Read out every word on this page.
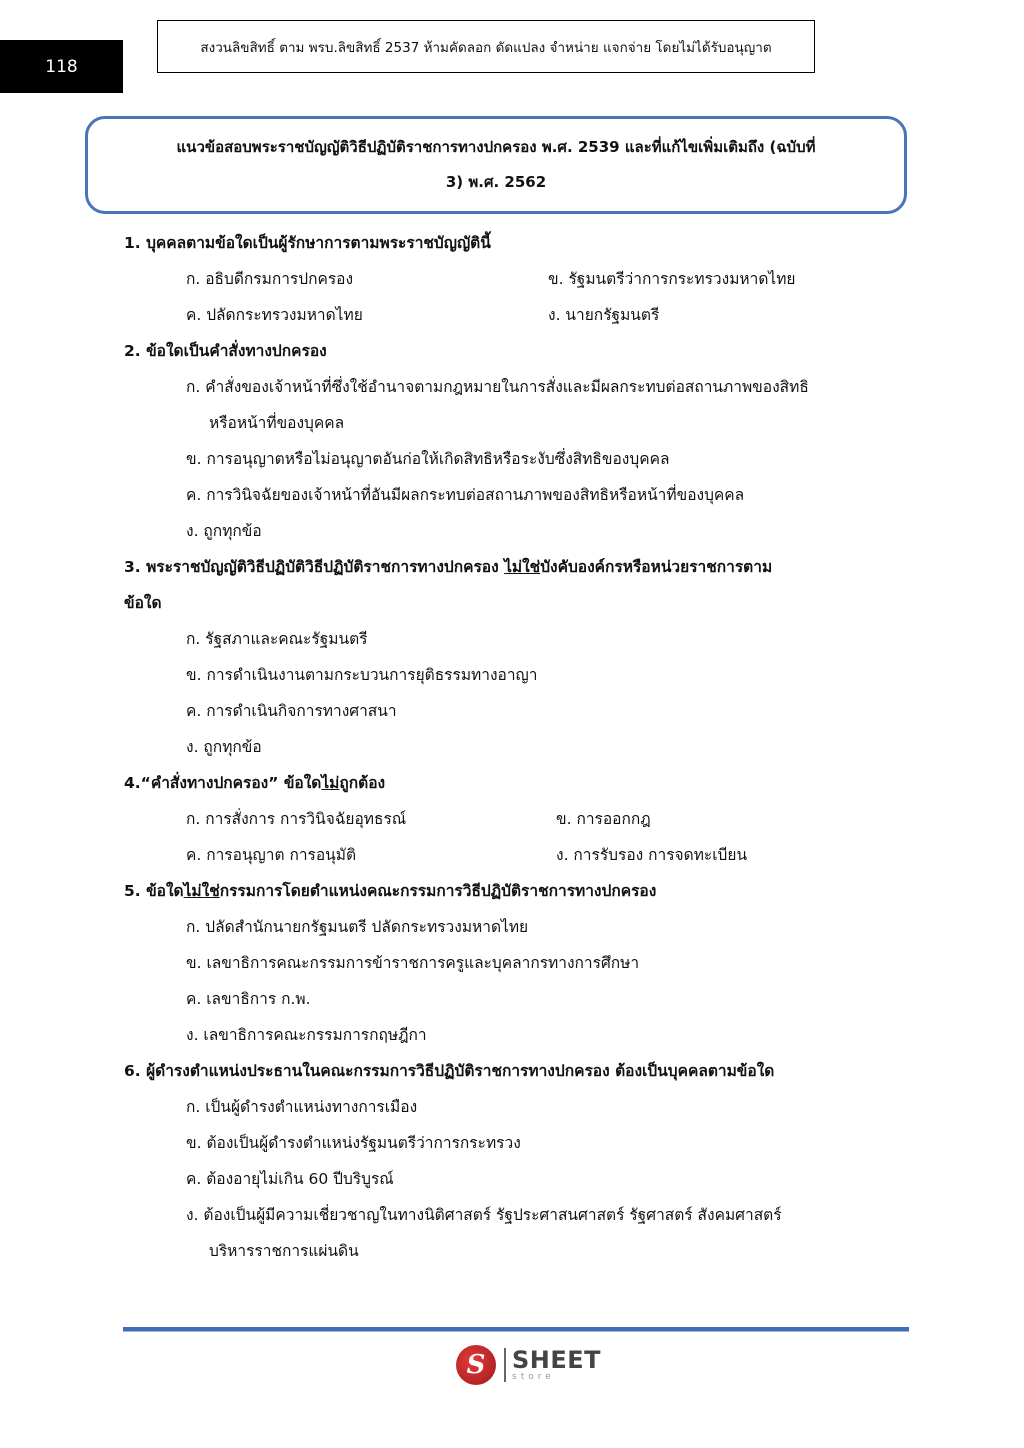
118
สงวนลิขสิทธิ์ ตาม พรบ.ลิขสิทธิ์ 2537 ห้ามคัดลอก ดัดแปลง จำหน่าย แจกจ่าย โดยไม่ได้รับอนุญาต
แนวข้อสอบพระราชบัญญัติวิธีปฏิบัติราชการทางปกครอง พ.ศ. 2539 และที่แก้ไขเพิ่มเติมถึง (ฉบับที่
3) พ.ศ. 2562
1. บุคคลตามข้อใดเป็นผู้รักษาการตามพระราชบัญญัตินี้
ก. อธิบดีกรมการปกครอง	ข. รัฐมนตรีว่าการกระทรวงมหาดไทย
ค. ปลัดกระทรวงมหาดไทย	ง. นายกรัฐมนตรี
2. ข้อใดเป็นคำสั่งทางปกครอง
ก. คำสั่งของเจ้าหน้าที่ซึ่งใช้อำนาจตามกฎหมายในการสั่งและมีผลกระทบต่อสถานภาพของสิทธิ
หรือหน้าที่ของบุคคล
ข. การอนุญาตหรือไม่อนุญาตอันก่อให้เกิดสิทธิหรือระงับซึ่งสิทธิของบุคคล
ค. การวินิจฉัยของเจ้าหน้าที่อันมีผลกระทบต่อสถานภาพของสิทธิหรือหน้าที่ของบุคคล
ง. ถูกทุกข้อ
3. พระราชบัญญัติวิธีปฏิบัติวิธีปฏิบัติราชการทางปกครอง ไม่ใช่บังคับองค์กรหรือหน่วยราชการตาม
ข้อใด
ก. รัฐสภาและคณะรัฐมนตรี
ข. การดำเนินงานตามกระบวนการยุติธรรมทางอาญา
ค. การดำเนินกิจการทางศาสนา
ง. ถูกทุกข้อ
4.“คำสั่งทางปกครอง” ข้อใดไม่ถูกต้อง
ก. การสั่งการ การวินิจฉัยอุทธรณ์	ข. การออกกฎ
ค. การอนุญาต การอนุมัติ	ง. การรับรอง การจดทะเบียน
5. ข้อใดไม่ใช่กรรมการโดยตำแหน่งคณะกรรมการวิธีปฏิบัติราชการทางปกครอง
ก. ปลัดสำนักนายกรัฐมนตรี ปลัดกระทรวงมหาดไทย
ข. เลขาธิการคณะกรรมการข้าราชการครูและบุคลากรทางการศึกษา
ค. เลขาธิการ ก.พ.
ง. เลขาธิการคณะกรรมการกฤษฎีกา
6. ผู้ดำรงตำแหน่งประธานในคณะกรรมการวิธีปฏิบัติราชการทางปกครอง ต้องเป็นบุคคลตามข้อใด
ก. เป็นผู้ดำรงตำแหน่งทางการเมือง
ข. ต้องเป็นผู้ดำรงตำแหน่งรัฐมนตรีว่าการกระทรวง
ค. ต้องอายุไม่เกิน 60 ปีบริบูรณ์
ง. ต้องเป็นผู้มีความเชี่ยวชาญในทางนิติศาสตร์ รัฐประศาสนศาสตร์ รัฐศาสตร์ สังคมศาสตร์
บริหารราชการแผ่นดิน
S	SHEET
store
